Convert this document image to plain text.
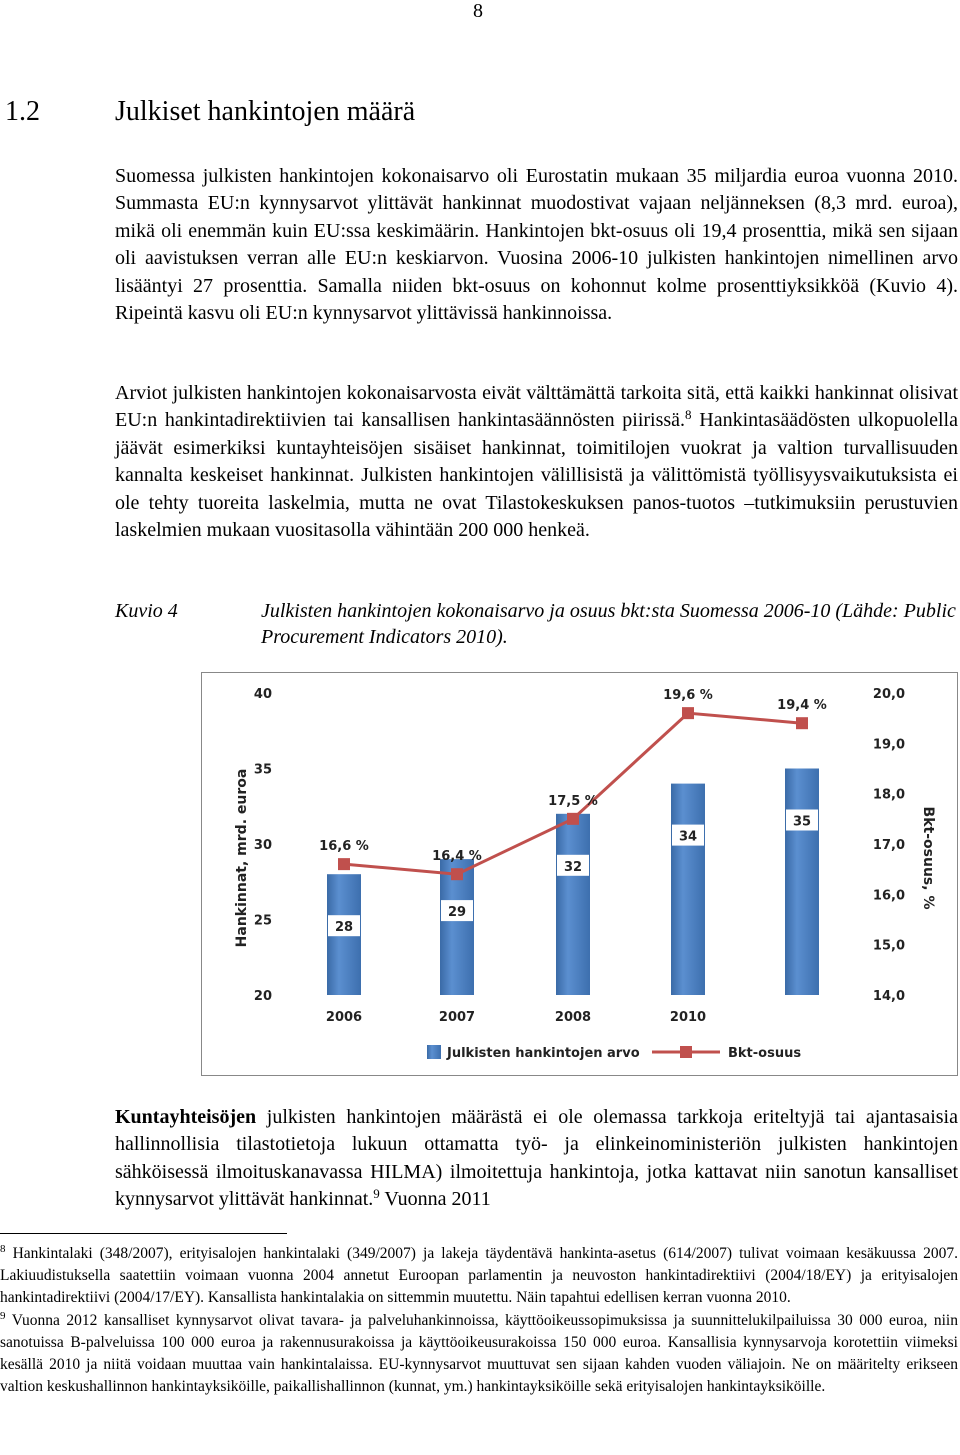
8
1.2	Julkiset hankintojen määrä

Suomessa julkisten hankintojen kokonaisarvo oli Eurostatin mukaan 35 miljardia euroa vuonna 2010. Summasta EU:n kynnysarvot ylittävät hankinnat muodostivat vajaan neljänneksen (8,3 mrd. euroa), mikä oli enemmän kuin EU:ssa keskimäärin. Hankintojen bkt-osuus oli 19,4 prosenttia, mikä sen sijaan oli aavistuksen verran alle EU:n keskiarvon. Vuosina 2006-10 julkisten hankintojen nimellinen arvo lisääntyi 27 prosenttia. Samalla niiden bkt-osuus on kohonnut kolme prosenttiyksikköä (Kuvio 4). Ripeintä kasvu oli EU:n kynnysarvot ylittävissä hankinnoissa.

Arviot julkisten hankintojen kokonaisarvosta eivät välttämättä tarkoita sitä, että kaikki hankinnat olisivat EU:n hankintadirektiivien tai kansallisen hankintasäännösten piirissä.$^8$ Hankintasäädösten ulkopuolella jäävät esimerkiksi kuntayhteisöjen sisäiset hankinnat, toimitilojen vuokrat ja valtion turvallisuuden kannalta keskeiset hankinnat. Julkisten hankintojen välillisistä ja välittömistä työllisyysvaikutuksista ei ole tehty tuoreita laskelmia, mutta ne ovat Tilastokeskuksen panos-tuotos –tutkimuksiin perustuvien laskelmien mukaan vuositasolla vähintään 200 000 henkeä.

Kuvio 4	Julkisten hankintojen kokonaisarvo ja osuus bkt:sta Suomessa 2006-10 (Lähde: Public Procurement Indicators 2010).
Hankinnat, mrd. euroa	Bkt-osuus, %
20
25
30
35
40
14,0
15,0
16,0
17,0
18,0
19,0
20,0
28
29
32
34
35
16,6 %
16,4 %
17,5 %
19,6 %
19,4 %
2006	2007	2008	2010
Julkisten hankintojen arvo	Bkt-osuus

Kuntayhteisöjen julkisten hankintojen määrästä ei ole olemassa tarkkoja eriteltyjä tai ajantasaisia hallinnollisia tilastotietoja lukuun ottamatta työ- ja elinkeinoministeriön julkisten hankintojen sähköisessä ilmoituskanavassa HILMA) ilmoitettuja hankintoja, jotka kattavat niin sanotun kansalliset kynnysarvot ylittävät hankinnat.$^9$ Vuonna 2011

$^8$ Hankintalaki (348/2007), erityisalojen hankintalaki (349/2007) ja lakeja täydentävä hankinta-asetus (614/2007) tulivat voimaan kesäkuussa 2007. Lakiuudistuksella saatettiin voimaan vuonna 2004 annetut Euroopan parlamentin ja neuvoston hankintadirektiivi (2004/18/EY) ja erityisalojen hankintadirektiivi (2004/17/EY). Kansallista hankintalakia on sittemmin muutettu. Näin tapahtui edellisen kerran vuonna 2010.

$^9$ Vuonna 2012 kansalliset kynnysarvot olivat tavara- ja palveluhankinnoissa, käyttöoikeussopimuksissa ja suunnittelukilpailuissa 30 000 euroa, niin sanotuissa B-palveluissa 100 000 euroa ja rakennusurakoissa ja käyttöoikeusurakoissa 150 000 euroa. Kansallisia kynnysarvoja korotettiin viimeksi kesällä 2010 ja niitä voidaan muuttaa vain hankintalaissa. EU-kynnysarvot muuttuvat sen sijaan kahden vuoden väliajoin. Ne on määritelty erikseen valtion keskushallinnon hankintayksiköille, paikallishallinnon (kunnat, ym.) hankintayksiköille sekä erityisalojen hankintayksiköille.
